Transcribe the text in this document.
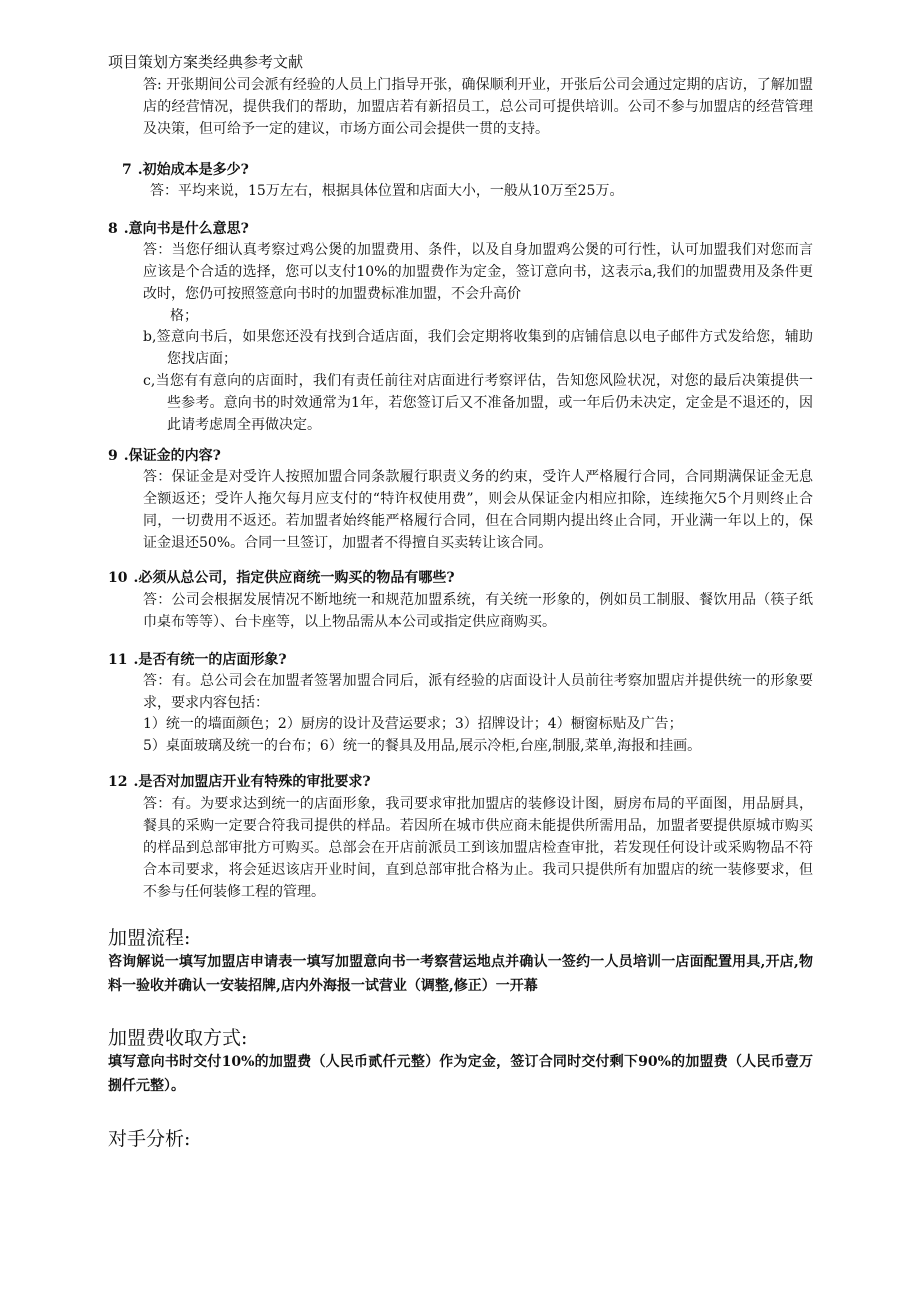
项目策划方案类经典参考文献

答: 开张期间公司会派有经验的人员上门指导开张，确保顺利开业，开张后公司会通过定期的店访，了解加盟店的经营情况，提供我们的帮助，加盟店若有新招员工，总公司可提供培训。公司不参与加盟店的经营管理及决策，但可给予一定的建议，市场方面公司会提供一贯的支持。

7 .初始成本是多少?

答：平均来说，15万左右，根据具体位置和店面大小，一般从10万至25万。

8 .意向书是什么意思?

答：当您仔细认真考察过鸡公煲的加盟费用、条件，以及自身加盟鸡公煲的可行性，认可加盟我们对您而言应该是个合适的选择，您可以支付10%的加盟费作为定金，签订意向书，这表示a,我们的加盟费用及条件更改时，您仍可按照签意向书时的加盟费标准加盟，不会升高价

格；

b,签意向书后，如果您还没有找到合适店面，我们会定期将收集到的店铺信息以电子邮件方式发给您，辅助您找店面；

c,当您有有意向的店面时，我们有责任前往对店面进行考察评估，告知您风险状况，对您的最后决策提供一些参考。意向书的时效通常为1年，若您签订后又不准备加盟，或一年后仍未决定，定金是不退还的，因此请考虑周全再做决定。

9 .保证金的内容?

答：保证金是对受许人按照加盟合同条款履行职责义务的约束，受许人严格履行合同，合同期满保证金无息全额返还；受许人拖欠每月应支付的“特许权使用费”，则会从保证金内相应扣除，连续拖欠5个月则终止合同，一切费用不返还。若加盟者始终能严格履行合同，但在合同期内提出终止合同，开业满一年以上的，保证金退还50%。合同一旦签订，加盟者不得擅自买卖转让该合同。

10 .必须从总公司，指定供应商统一购买的物品有哪些?

答：公司会根据发展情况不断地统一和规范加盟系统，有关统一形象的，例如员工制服、餐饮用品（筷子纸巾桌布等等）、台卡座等，以上物品需从本公司或指定供应商购买。

11 .是否有统一的店面形象?

答：有。总公司会在加盟者签署加盟合同后，派有经验的店面设计人员前往考察加盟店并提供统一的形象要求，要求内容包括：

1）统一的墙面颜色；2）厨房的设计及营运要求；3）招牌设计；4）橱窗标贴及广告；
5）桌面玻璃及统一的台布；6）统一的餐具及用品,展示冷柜,台座,制服,菜单,海报和挂画。
12 .是否对加盟店开业有特殊的审批要求?

答：有。为要求达到统一的店面形象，我司要求审批加盟店的装修设计图，厨房布局的平面图，用品厨具，餐具的采购一定要合符我司提供的样品。若因所在城市供应商未能提供所需用品，加盟者要提供原城市购买的样品到总部审批方可购买。总部会在开店前派员工到该加盟店检查审批，若发现任何设计或采购物品不符合本司要求，将会延迟该店开业时间，直到总部审批合格为止。我司只提供所有加盟店的统一装修要求，但不参与任何装修工程的管理。

加盟流程:

咨询解说一填写加盟店申请表一填写加盟意向书一考察营运地点并确认一签约一人员培训一店面配置用具,开店,物料一验收并确认一安装招牌,店内外海报一试营业（调整,修正）一开幕

加盟费收取方式:

填写意向书时交付10%的加盟费（人民币贰仟元整）作为定金，签订合同时交付剩下90%的加盟费（人民币壹万捌仟元整）。

对手分析:
